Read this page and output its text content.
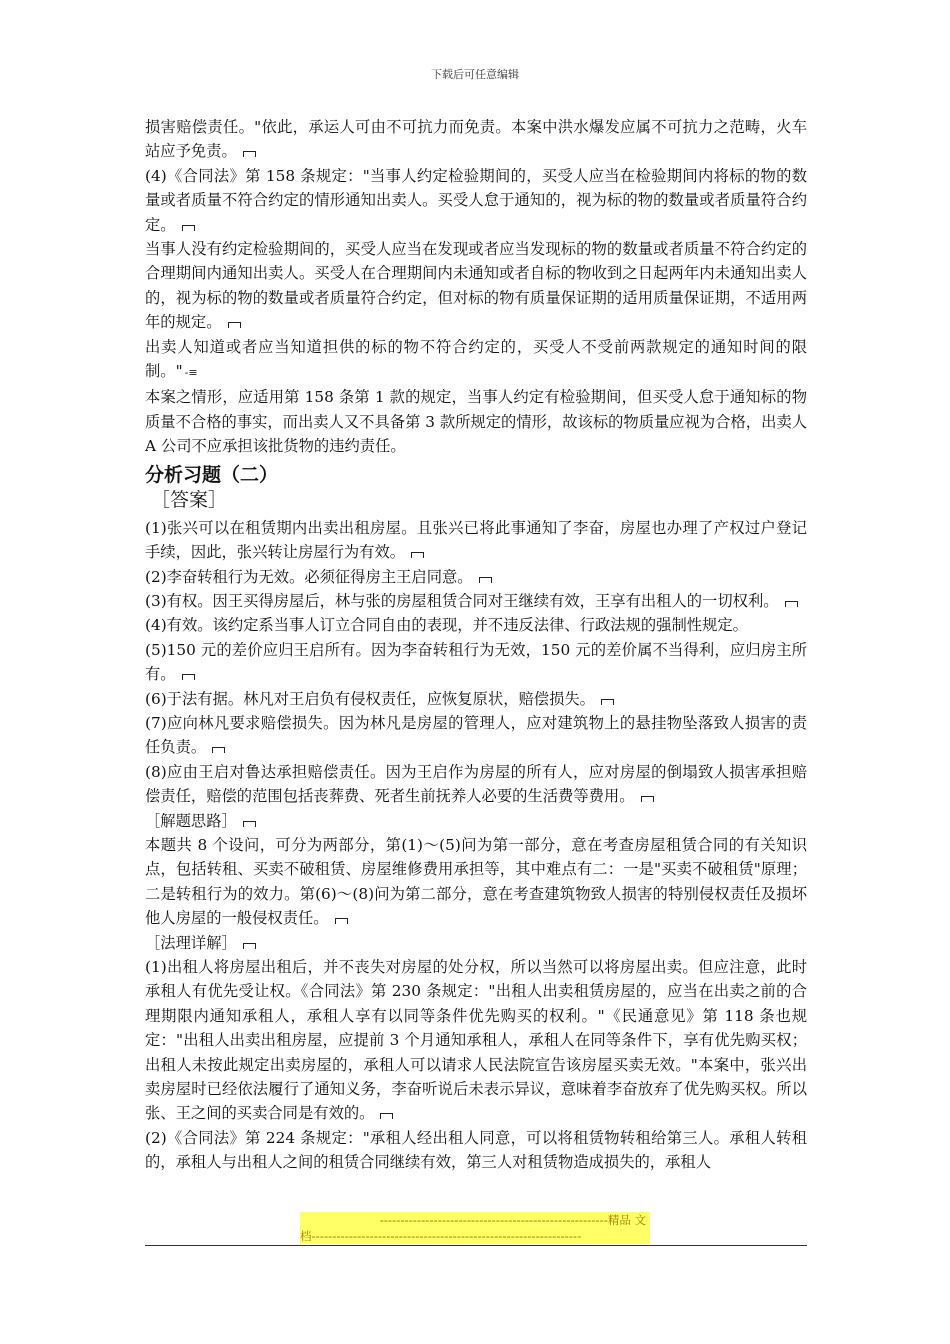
下载后可任意编辑

损害赔偿责任。"依此，承运人可由不可抗力而免责。本案中洪水爆发应属不可抗力之范畴，火车站应予免责。

(4)《合同法》第 158 条规定："当事人约定检验期间的，买受人应当在检验期间内将标的物的数量或者质量不符合约定的情形通知出卖人。买受人怠于通知的，视为标的物的数量或者质量符合约定。

当事人没有约定检验期间的，买受人应当在发现或者应当发现标的物的数量或者质量不符合约定的合理期间内通知出卖人。买受人在合理期间内未通知或者自标的物收到之日起两年内未通知出卖人的，视为标的物的数量或者质量符合约定，但对标的物有质量保证期的适用质量保证期，不适用两年的规定。

出卖人知道或者应当知道担供的标的物不符合约定的，买受人不受前两款规定的通知时间的限制。" -≡

本案之情形，应适用第 158 条第 1 款的规定，当事人约定有检验期间，但买受人怠于通知标的物质量不合格的事实，而出卖人又不具备第 3 款所规定的情形，故该标的物质量应视为合格，出卖人 A 公司不应承担该批货物的违约责任。

分析习题（二）
［答案］

(1)张兴可以在租赁期内出卖出租房屋。且张兴已将此事通知了李奋，房屋也办理了产权过户登记手续，因此，张兴转让房屋行为有效。

(2)李奋转租行为无效。必须征得房主王启同意。

(3)有权。因王买得房屋后，林与张的房屋租赁合同对王继续有效，王享有出租人的一切权利。

(4)有效。该约定系当事人订立合同自由的表现，并不违反法律、行政法规的强制性规定。

(5)150 元的差价应归王启所有。因为李奋转租行为无效，150 元的差价属不当得利，应归房主所有。

(6)于法有据。林凡对王启负有侵权责任，应恢复原状，赔偿损失。

(7)应向林凡要求赔偿损失。因为林凡是房屋的管理人，应对建筑物上的悬挂物坠落致人损害的责任负责。

(8)应由王启对鲁达承担赔偿责任。因为王启作为房屋的所有人，应对房屋的倒塌致人损害承担赔偿责任，赔偿的范围包括丧葬费、死者生前抚养人必要的生活费等费用。

［解题思路］

本题共 8 个设问，可分为两部分，第(1)～(5)问为第一部分，意在考查房屋租赁合同的有关知识点，包括转租、买卖不破租赁、房屋维修费用承担等，其中难点有二：一是"买卖不破租赁"原理；二是转租行为的效力。第(6)～(8)问为第二部分，意在考查建筑物致人损害的特别侵权责任及损坏他人房屋的一般侵权责任。

［法理详解］

(1)出租人将房屋出租后，并不丧失对房屋的处分权，所以当然可以将房屋出卖。但应注意，此时承租人有优先受让权。《合同法》第 230 条规定："出租人出卖租赁房屋的，应当在出卖之前的合理期限内通知承租人，承租人享有以同等条件优先购买的权利。"《民通意见》第 118 条也规定："出租人出卖出租房屋，应提前 3 个月通知承租人，承租人在同等条件下，享有优先购买权；出租人未按此规定出卖房屋的，承租人可以请求人民法院宣告该房屋买卖无效。"本案中，张兴出卖房屋时已经依法履行了通知义务，李奋听说后未表示异议，意味着李奋放弃了优先购买权。所以张、王之间的买卖合同是有效的。

(2)《合同法》第 224 条规定："承租人经出租人同意，可以将租赁物转租给第三人。承租人转租的，承租人与出租人之间的租赁合同继续有效，第三人对租赁物造成损失的，承租人

-------------------------------------------------------精品 文
档-----------------------------------------------------------------
